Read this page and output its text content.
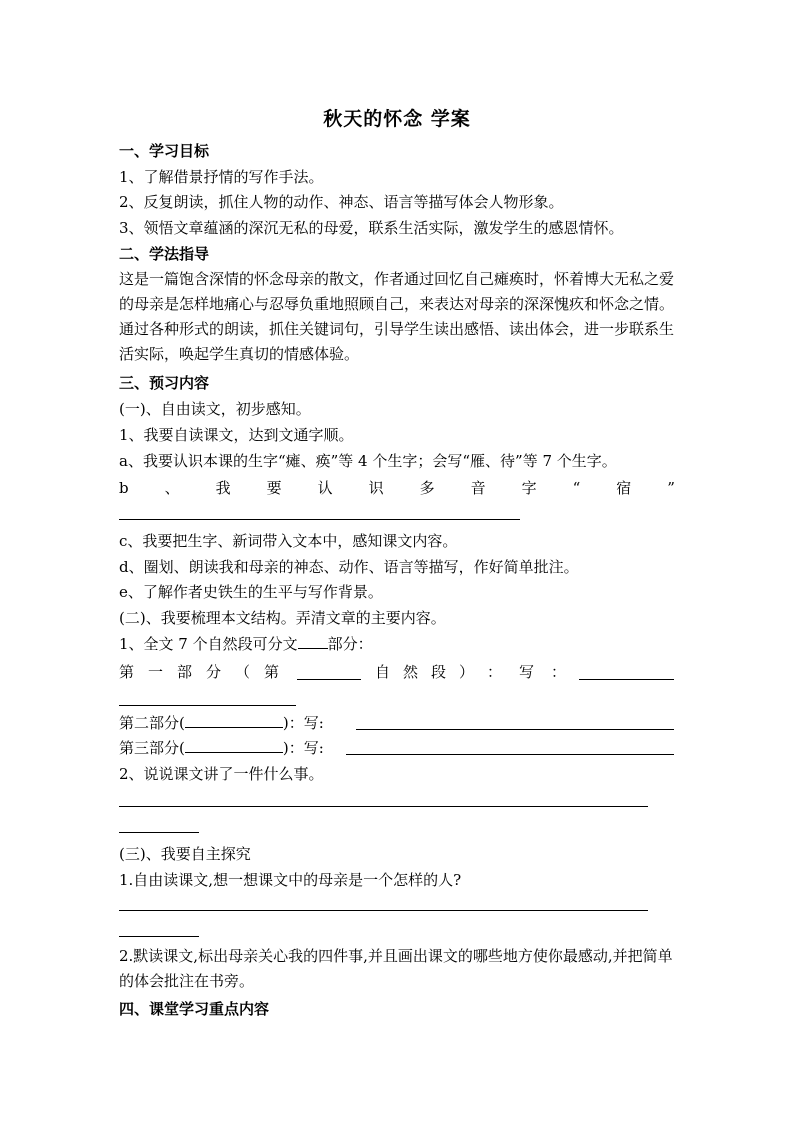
秋天的怀念 学案
一、学习目标
1、了解借景抒情的写作手法。
2、反复朗读，抓住人物的动作、神态、语言等描写体会人物形象。
3、领悟文章蕴涵的深沉无私的母爱，联系生活实际，激发学生的感恩情怀。
二、学法指导
这是一篇饱含深情的怀念母亲的散文，作者通过回忆自己瘫痪时，怀着博大无私之爱的母亲是怎样地痛心与忍辱负重地照顾自己，来表达对母亲的深深愧疚和怀念之情。通过各种形式的朗读，抓住关键词句，引导学生读出感悟、读出体会，进一步联系生活实际，唤起学生真切的情感体验。
三、预习内容
(一)、自由读文，初步感知。
1、我要自读课文，达到文通字顺。
a、我要认识本课的生字“瘫、痪”等 4 个生字；会写“雁、待”等 7 个生字。
b 、 我 要 认 识 多 音 字 “ 宿 ”
c、我要把生字、新词带入文本中，感知课文内容。
d、圈划、朗读我和母亲的神态、动作、语言等描写，作好简单批注。
e、了解作者史铁生的生平与写作背景。
(二)、我要梳理本文结构。弄清文章的主要内容。
1、全文 7 个自然段可分文 部分：
第 一 部 分 （ 第	自 然 段 ） ： 写 ：
第二部分(	)：写:
第三部分(	)：写:
2、说说课文讲了一件什么事。
(三)、我要自主探究
1.自由读课文,想一想课文中的母亲是一个怎样的人?
2.默读课文,标出母亲关心我的四件事,并且画出课文的哪些地方使你最感动,并把简单的体会批注在书旁。
四、课堂学习重点内容
